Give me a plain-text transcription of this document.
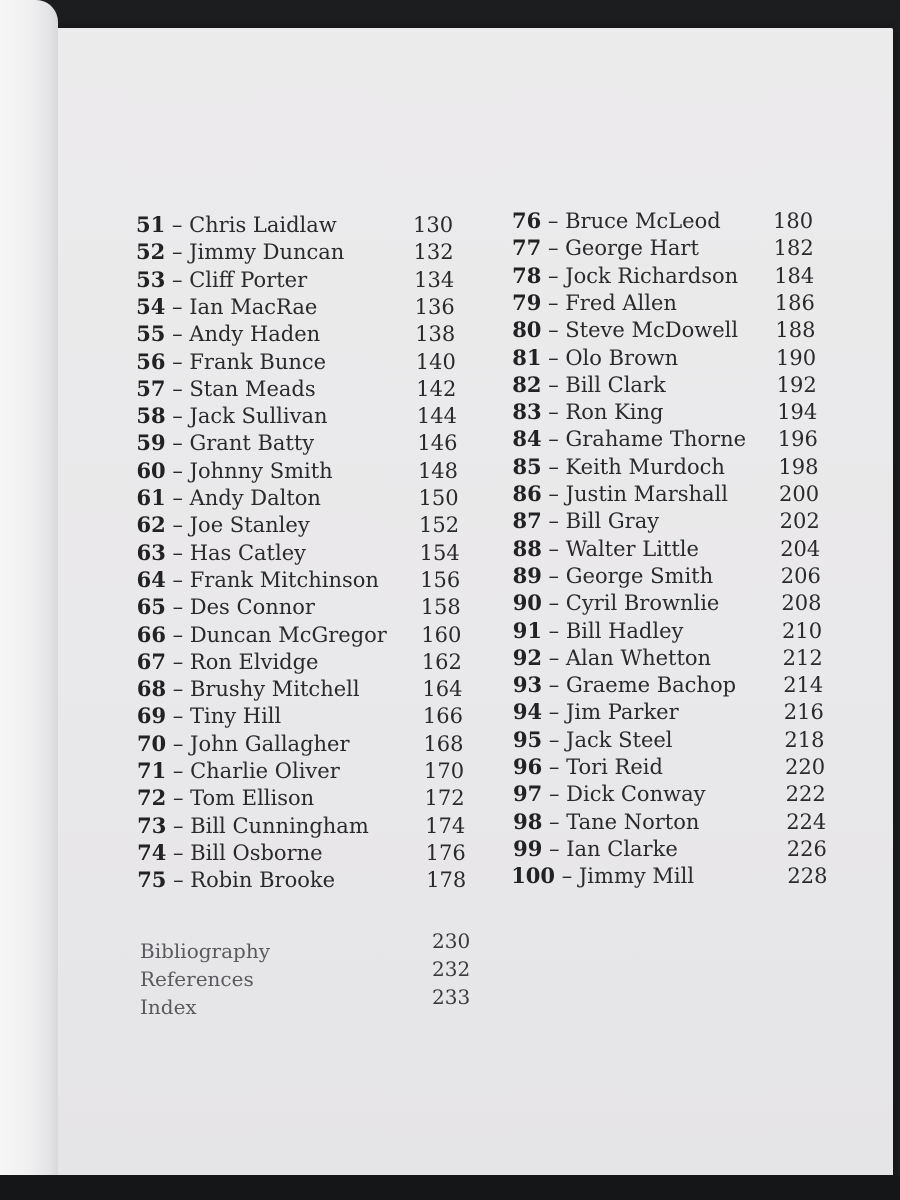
51 – Chris Laidlaw	130
52 – Jimmy Duncan	132
53 – Cliff Porter	134
54 – Ian MacRae	136
55 – Andy Haden	138
56 – Frank Bunce	140
57 – Stan Meads	142
58 – Jack Sullivan	144
59 – Grant Batty	146
60 – Johnny Smith	148
61 – Andy Dalton	150
62 – Joe Stanley	152
63 – Has Catley	154
64 – Frank Mitchinson 156
65 – Des Connor	158
66 – Duncan McGregor 160
67 – Ron Elvidge	162
68 – Brushy Mitchell	164
69 – Tiny Hill	166
70 – John Gallagher	168
71 – Charlie Oliver	170
72 – Tom Ellison	172
73 – Bill Cunningham	174
74 – Bill Osborne	176
75 – Robin Brooke	178
76 – Bruce McLeod 180
77 – George Hart	182
78 – Jock Richardson 184
79 – Fred Allen	186
80 – Steve McDowell 188
81 – Olo Brown	190
82 – Bill Clark	192
83 – Ron King	194
84 – Grahame Thorne 196
85 – Keith Murdoch	198
86 – Justin Marshall 200
87 – Bill Gray	202
88 – Walter Little	204
89 – George Smith	206
90 – Cyril Brownlie	208
91 – Bill Hadley	210
92 – Alan Whetton	212
93 – Graeme Bachop 214
94 – Jim Parker	216
95 – Jack Steel	218
96 – Tori Reid	220
97 – Dick Conway	222
98 – Tane Norton	224
99 – Ian Clarke	226
100 – Jimmy Mill	228
Bibliography	230
References	232
Index	233
